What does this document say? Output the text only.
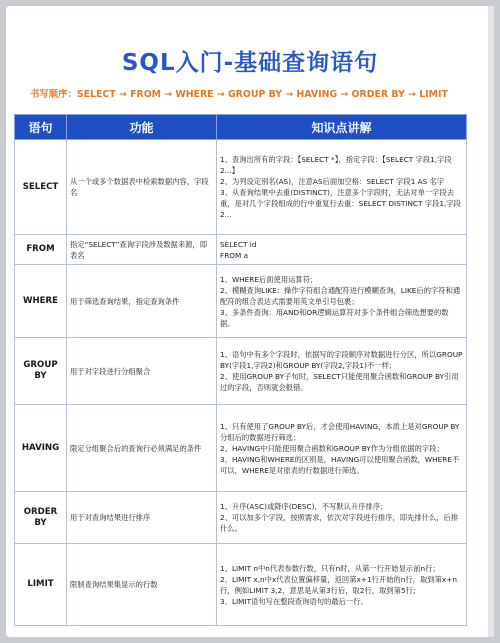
SQL入门-基础查询语句
书写顺序：SELECT → FROM → WHERE → GROUP BY → HAVING → ORDER BY → LIMIT
语句	功能	知识点讲解
SELECT	从一个或多个数据表中检索数据内容，字段名	1、查询出所有的字段：【SELECT *】，指定字段：【SELECT 字段1,字段2...】
2、为列设定别名(AS)，注意AS后面加空格：SELECT 字段1 AS 名字
3、从查询结果中去重(DISTINCT)，注意多个字段时，无法对单一字段去重，是对几个字段组成的行中重复行去重：SELECT DISTINCT 字段1,字段2...
FROM	指定“SELECT”查询字段涉及数据来源，即表名	SELECT id
FROM a
WHERE	用于筛选查询结果，指定查询条件	1、WHERE后面使用运算符；
2、模糊查询LIKE：操作字符组合通配符进行模糊查询，LIKE后的字符和通配符的组合表达式需要用英文单引号包裹；
3、多条件查询：用AND和OR逻辑运算符对多个条件组合筛选想要的数据。
GROUP BY	用于对字段进行分组聚合	1、语句中有多个字段时，依据写的字段顺序对数据进行分区，所以GROUP BY(字段1,字段2)和GROUP BY(字段2,字段1)不一样；
2、使用GROUP BY子句时，SELECT只能使用聚合函数和GROUP BY引用过的字段，否则就会报错。
HAVING	限定分组聚合后的查询行必须满足的条件	1、只有使用了GROUP BY后，才会使用HAVING，本质上是对GROUP BY分组后的数据进行筛选；
2、HAVING中只能使用聚合函数和GROUP BY作为分组依据的字段；
3、HAVING和WHERE的区别是，HAVING可以使用聚合函数，WHERE不可以，WHERE是对原表的行数据进行筛选。
ORDER BY	用于对查询结果进行排序	1、升序(ASC)或降序(DESC)，不写默认升序排序；
2、可以加多个字段，按照需求，依次对字段进行排序，即先排什么，后排什么。
LIMIT	限制查询结果集显示的行数	1、LIMIT n中n代表参数行数，只有n时，从第一行开始显示前n行；
2、LIMIT x,n中x代表位置偏移量，返回第x+1行开始的n行，取到第x+n行，例如LIMIT 3,2，意思是从第3行后，取2行，取到第5行；
3、LIMIT语句写在整段查询语句的最后一行。
